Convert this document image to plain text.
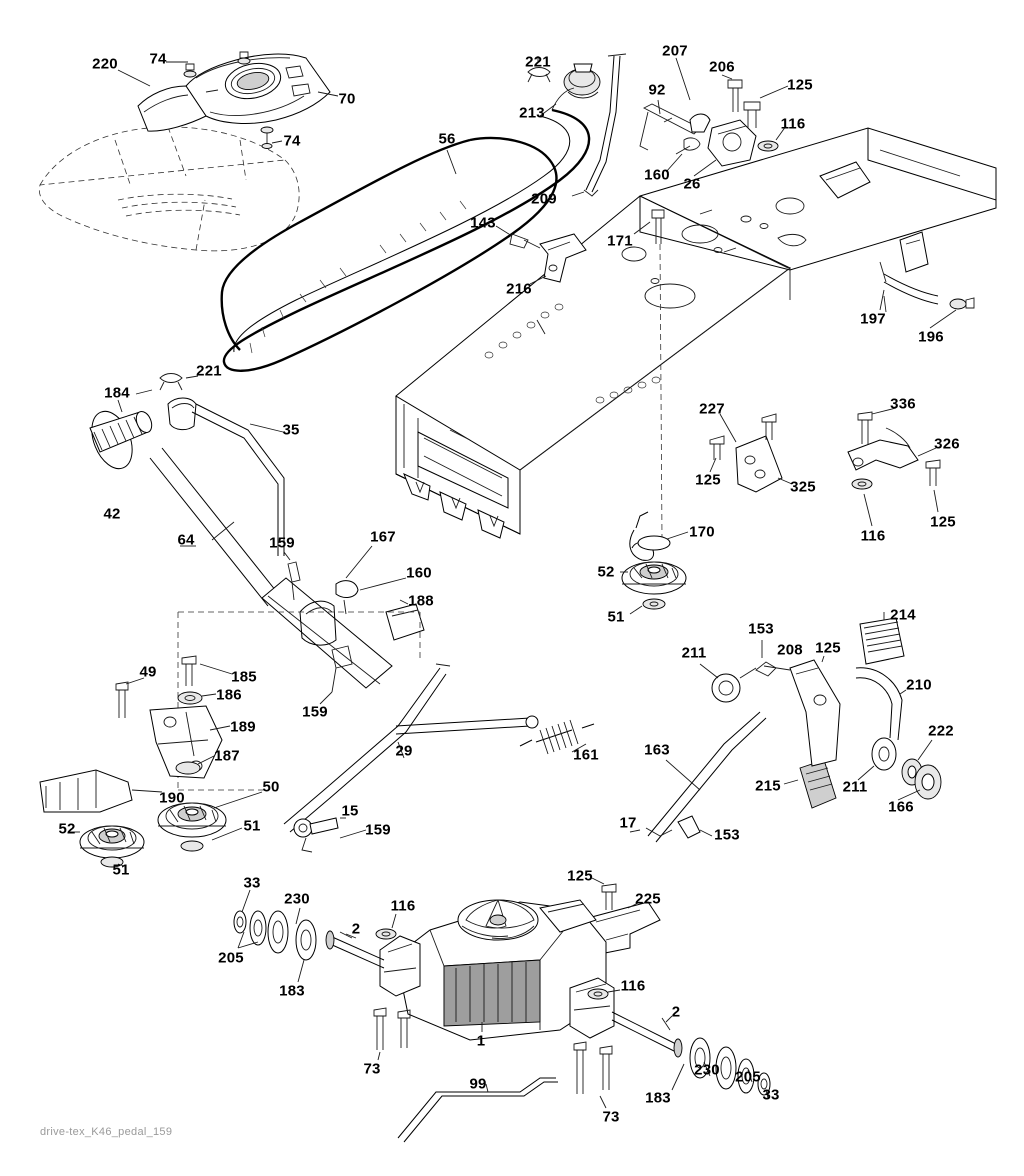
220 74
70
74
221
207
206
125
92
116
213
56
160
26
209
171
143
216
197
196
221
184
35
42
227	336
326
125	325
116
125
64	159	167
160
188
170
52
51	214
153
211	208 125
210
49	185
186
189
159
187	29	161	163
215
222
211
166
190
50
51
15
159
52
51
17
153
33
230	116
2
205
183
125
225
116
1
73
2
230 205
33
183
99
73
drive-tex_K46_pedal_159
